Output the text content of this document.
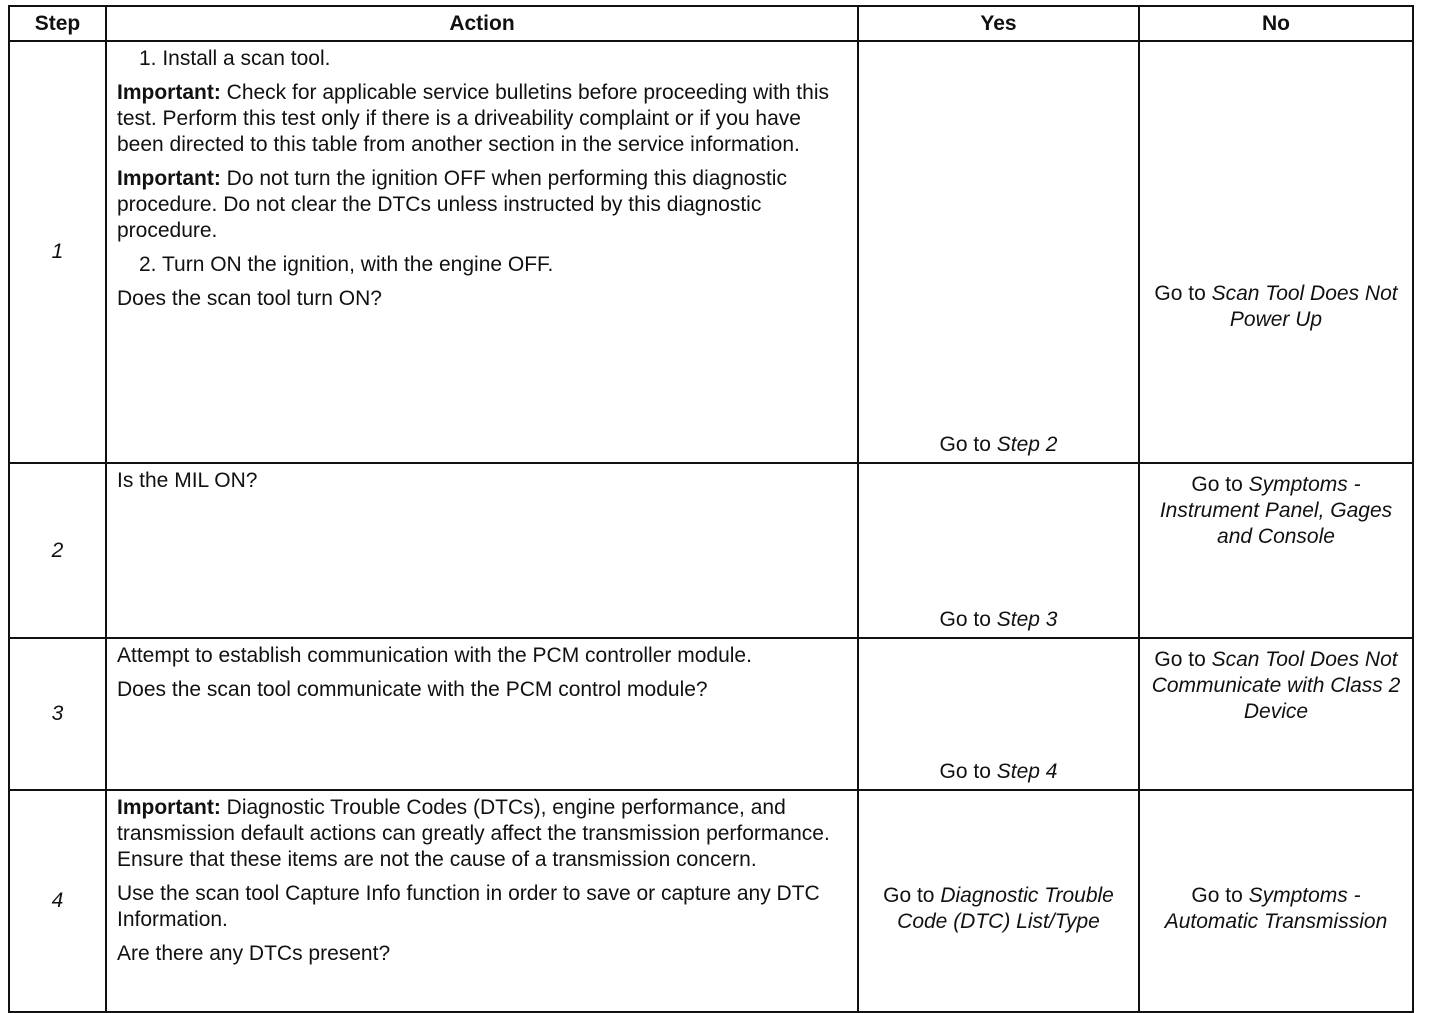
Step	Action	Yes	No
1	1. Install a scan tool.

Important: Check for applicable service bulletins before proceeding with this test. Perform this test only if there is a driveability complaint or if you have been directed to this table from another section in the service information.

Important: Do not turn the ignition OFF when performing this diagnostic procedure. Do not clear the DTCs unless instructed by this diagnostic procedure.

2. Turn ON the ignition, with the engine OFF.

Does the scan tool turn ON?	Go to Step 2	Go to Scan Tool Does Not Power Up
2	Is the MIL ON?	Go to Step 3	Go to Symptoms - Instrument Panel, Gages and Console
3	Attempt to establish communication with the PCM controller module.

Does the scan tool communicate with the PCM control module?	Go to Step 4	Go to Scan Tool Does Not Communicate with Class 2 Device
4	Important: Diagnostic Trouble Codes (DTCs), engine performance, and transmission default actions can greatly affect the transmission performance. Ensure that these items are not the cause of a transmission concern.

Use the scan tool Capture Info function in order to save or capture any DTC Information.

Are there any DTCs present?	Go to Diagnostic Trouble Code (DTC) List/Type	Go to Symptoms - Automatic Transmission
